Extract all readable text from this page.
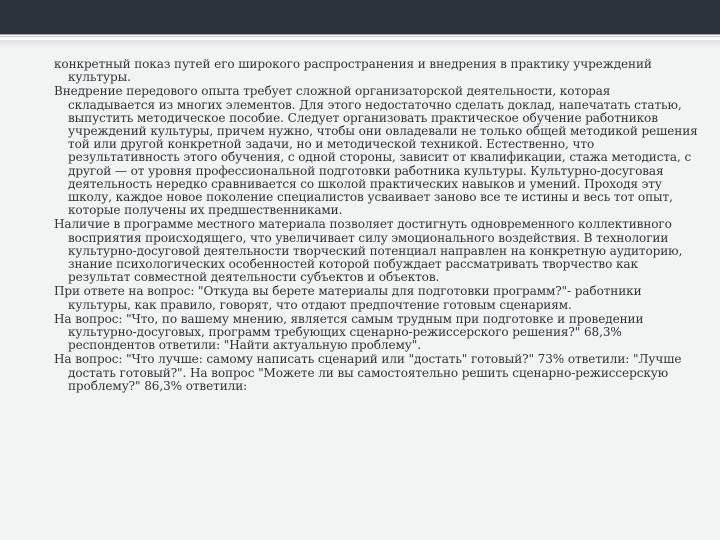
конкретный показ путей его широкого распространения и внедрения в практику учреждений культуры.

Внедрение передового опыта требует сложной организаторской деятельности, которая складывается из многих элементов. Для этого недостаточно сделать доклад, напечатать статью, выпустить методическое пособие. Следует организовать практическое обучение работников учреждений культуры, причем нужно, чтобы они овладевали не только общей методикой решения той или другой конкретной задачи, но и методической техникой. Естественно, что результативность этого обучения, с одной стороны, зависит от квалификации, стажа методиста, с другой — от уровня профессиональной подготовки работника культуры. Культурно-досуговая деятельность нередко сравнивается со школой практических навыков и умений. Проходя эту школу, каждое новое поколение специалистов усваивает заново все те истины и весь тот опыт, которые получены их предшественниками.

Наличие в программе местного материала позволяет достигнуть одновременного коллективного восприятия происходящего, что увеличивает силу эмоционального воздействия. В технологии культурно-досуговой деятельности творческий потенциал направлен на конкретную аудиторию, знание психологических особенностей которой побуждает рассматривать творчество как результат совместной деятельности субъектов и объектов.

При ответе на вопрос: "Откуда вы берете материалы для подготовки программ?"- работники культуры, как правило, говорят, что отдают предпочтение готовым сценариям.

На вопрос: "Что, по вашему мнению, является самым трудным при подготовке и проведении культурно-досуговых, программ требующих сценарно-режиссерского решения?" 68,3% респондентов ответили: "Найти актуальную проблему".

На вопрос: "Что лучше: самому написать сценарий или "достать" готовый?" 73% ответили: "Лучше достать готовый?". На вопрос "Можете ли вы самостоятельно решить сценарно-режиссерскую проблему?" 86,3% ответили:
